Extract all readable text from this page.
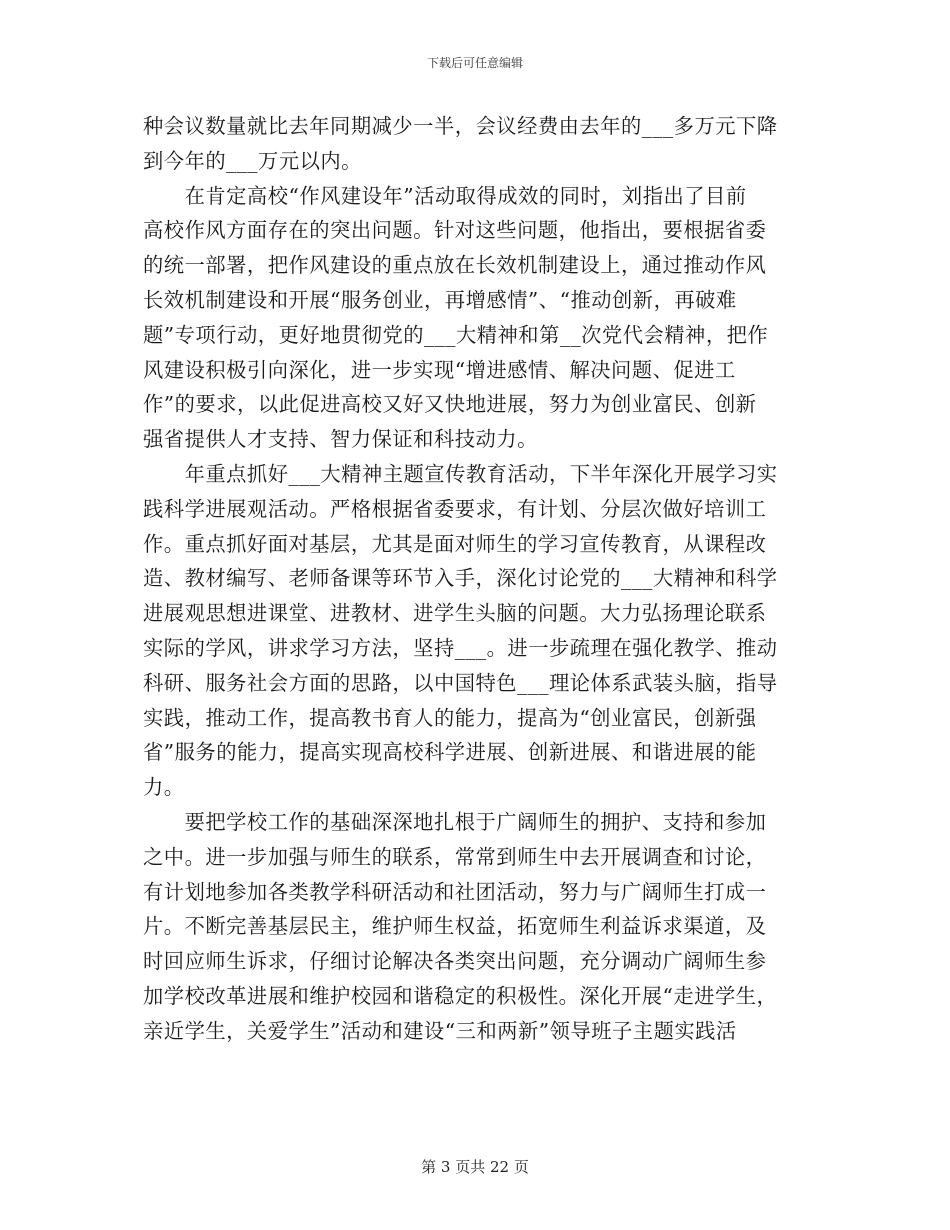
下载后可任意编辑
种会议数量就比去年同期减少一半，会议经费由去年的___多万元下降
到今年的___万元以内。
　　在肯定高校“作风建设年”活动取得成效的同时，刘指出了目前
高校作风方面存在的突出问题。针对这些问题，他指出，要根据省委
的统一部署，把作风建设的重点放在长效机制建设上，通过推动作风
长效机制建设和开展“服务创业，再增感情”、“推动创新，再破难
题”专项行动，更好地贯彻党的___大精神和第__次党代会精神，把作
风建设积极引向深化，进一步实现“增进感情、解决问题、促进工
作”的要求，以此促进高校又好又快地进展，努力为创业富民、创新
强省提供人才支持、智力保证和科技动力。
　　年重点抓好___大精神主题宣传教育活动，下半年深化开展学习实
践科学进展观活动。严格根据省委要求，有计划、分层次做好培训工
作。重点抓好面对基层，尤其是面对师生的学习宣传教育，从课程改
造、教材编写、老师备课等环节入手，深化讨论党的___大精神和科学
进展观思想进课堂、进教材、进学生头脑的问题。大力弘扬理论联系
实际的学风，讲求学习方法，坚持___。进一步疏理在强化教学、推动
科研、服务社会方面的思路，以中国特色___理论体系武装头脑，指导
实践，推动工作，提高教书育人的能力，提高为“创业富民，创新强
省”服务的能力，提高实现高校科学进展、创新进展、和谐进展的能
力。
　　要把学校工作的基础深深地扎根于广阔师生的拥护、支持和参加
之中。进一步加强与师生的联系，常常到师生中去开展调查和讨论，
有计划地参加各类教学科研活动和社团活动，努力与广阔师生打成一
片。不断完善基层民主，维护师生权益，拓宽师生利益诉求渠道，及
时回应师生诉求，仔细讨论解决各类突出问题，充分调动广阔师生参
加学校改革进展和维护校园和谐稳定的积极性。深化开展“走进学生，
亲近学生，关爱学生”活动和建设“三和两新”领导班子主题实践活
第 3 页共 22 页
